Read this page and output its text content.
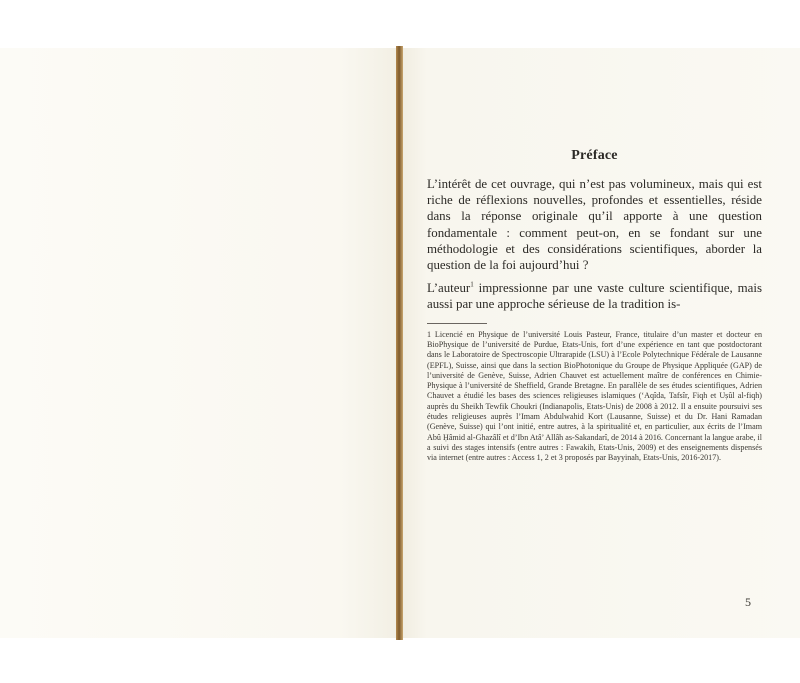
Préface

L’intérêt de cet ouvrage, qui n’est pas volumineux, mais qui est riche de réflexions nouvelles, profondes et essentielles, réside dans la réponse originale qu’il apporte à une question fondamentale : comment peut-on, en se fondant sur une méthodologie et des considérations scientifiques, aborder la question de la foi aujourd’hui ?

L’auteur$^1$ impressionne par une vaste culture scientifique, mais aussi par une approche sérieuse de la tradition is-

1 Licencié en Physique de l’université Louis Pasteur, France, titulaire d’un master et docteur en BioPhysique de l’université de Purdue, Etats-Unis, fort d’une expérience en tant que postdoctorant dans le Laboratoire de Spectroscopie Ultrarapide (LSU) à l’Ecole Polytechnique Fédérale de Lausanne (EPFL), Suisse, ainsi que dans la section BioPhotonique du Groupe de Physique Appliquée (GAP) de l’université de Genève, Suisse, Adrien Chauvet est actuellement maître de conférences en Chimie-Physique à l’université de Sheffield, Grande Bretagne. En parallèle de ses études scientifiques, Adrien Chauvet a étudié les bases des sciences religieuses islamiques (‘Aqîda, Tafsîr, Fiqh et Uṣûl al-fiqh) auprès du Sheikh Tewfik Choukri (Indianapolis, Etats-Unis) de 2008 à 2012. Il a ensuite poursuivi ses études religieuses auprès l’Imam Abdulwahid Kort (Lausanne, Suisse) et du Dr. Hani Ramadan (Genève, Suisse) qui l’ont initié, entre autres, à la spiritualité et, en particulier, aux écrits de l’Imam Abû Ḥâmid al-Ghazâlî et d’Ibn Atâ’ Allâh as-Sakandarî, de 2014 à 2016. Concernant la langue arabe, il a suivi des stages intensifs (entre autres : Fawakih, Etats-Unis, 2009) et des enseignements dispensés via internet (entre autres : Access 1, 2 et 3 proposés par Bayyinah, Etats-Unis, 2016-2017).

5
